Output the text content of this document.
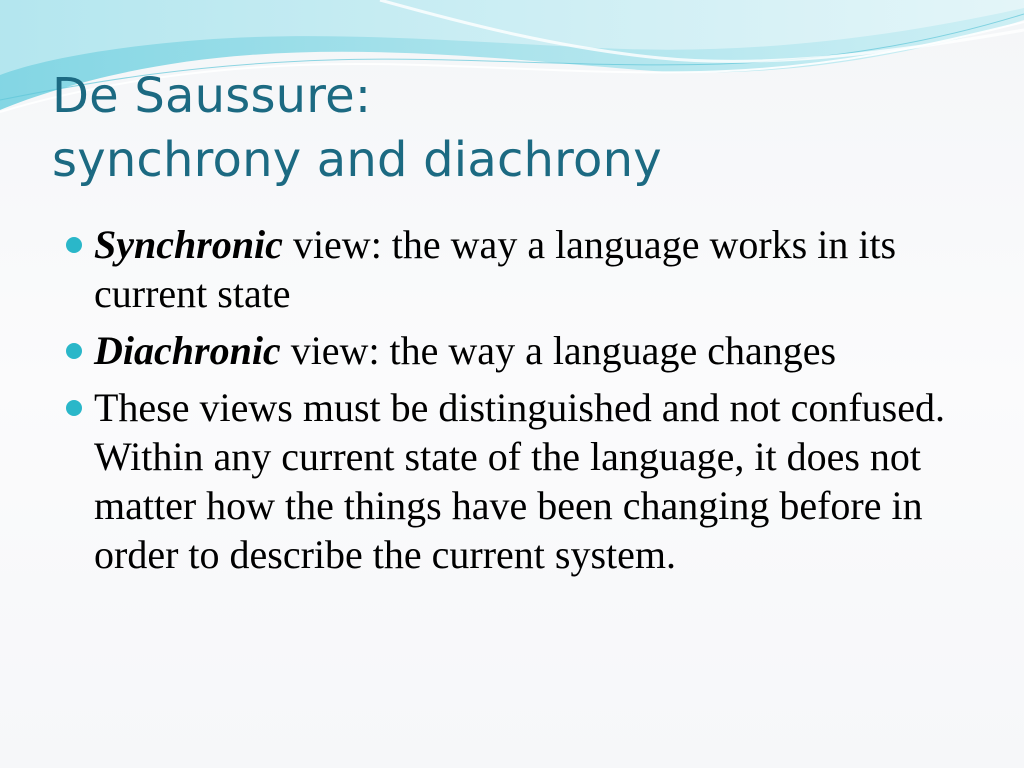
De Saussure:
synchrony and diachrony
Synchronic view: the way a language works in its current state
Diachronic view: the way a language changes
These views must be distinguished and not confused. Within any current state of the language, it does not matter how the things have been changing before in order to describe the current system.
